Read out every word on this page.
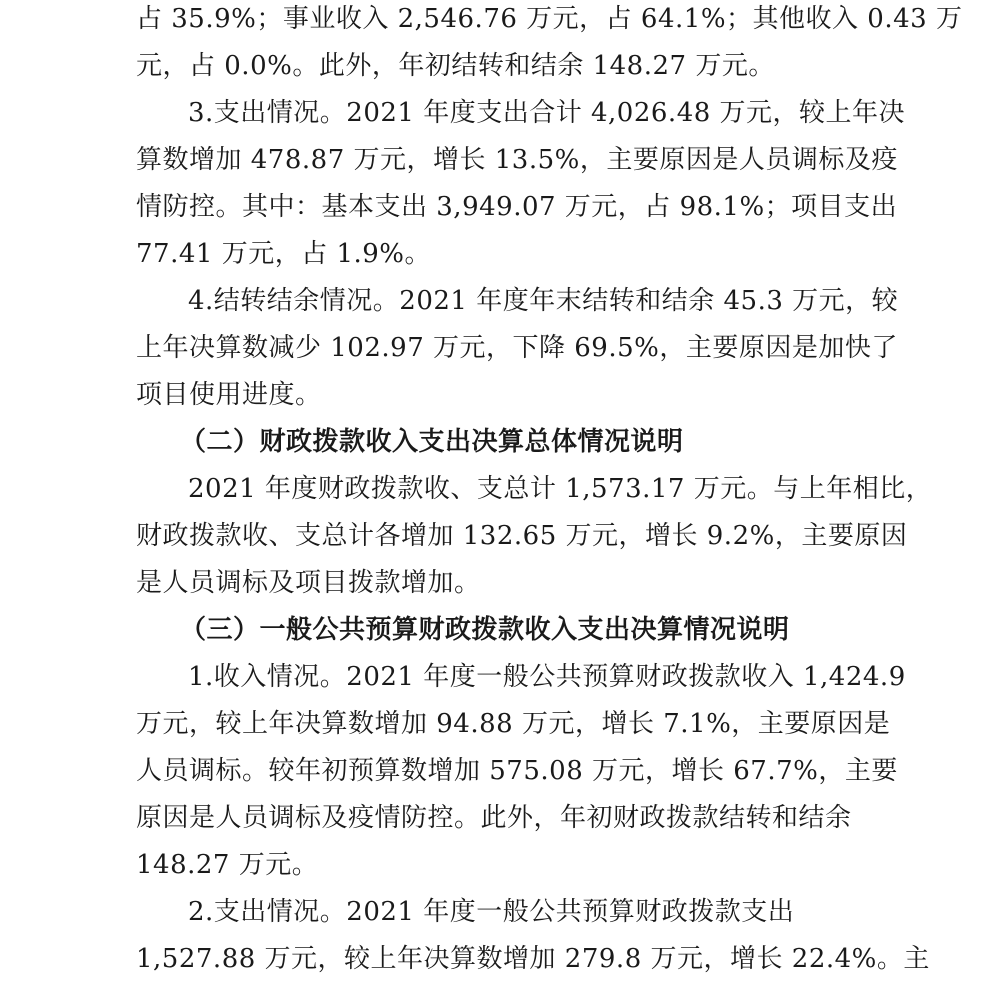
占 35.9%；事业收入 2,546.76 万元，占 64.1%；其他收入 0.43 万
元，占 0.0%。此外，年初结转和结余 148.27 万元。
3.支出情况。2021 年度支出合计 4,026.48 万元，较上年决
算数增加 478.87 万元，增长 13.5%，主要原因是人员调标及疫
情防控。其中：基本支出 3,949.07 万元，占 98.1%；项目支出
77.41 万元，占 1.9%。
4.结转结余情况。2021 年度年末结转和结余 45.3 万元，较
上年决算数减少 102.97 万元，下降 69.5%，主要原因是加快了
项目使用进度。
（二）财政拨款收入支出决算总体情况说明
2021 年度财政拨款收、支总计 1,573.17 万元。与上年相比，
财政拨款收、支总计各增加 132.65 万元，增长 9.2%，主要原因
是人员调标及项目拨款增加。
（三）一般公共预算财政拨款收入支出决算情况说明
1.收入情况。2021 年度一般公共预算财政拨款收入 1,424.9
万元，较上年决算数增加 94.88 万元，增长 7.1%，主要原因是
人员调标。较年初预算数增加 575.08 万元，增长 67.7%，主要
原因是人员调标及疫情防控。此外，年初财政拨款结转和结余
148.27 万元。
2.支出情况。2021 年度一般公共预算财政拨款支出
1,527.88 万元，较上年决算数增加 279.8 万元，增长 22.4%。主
